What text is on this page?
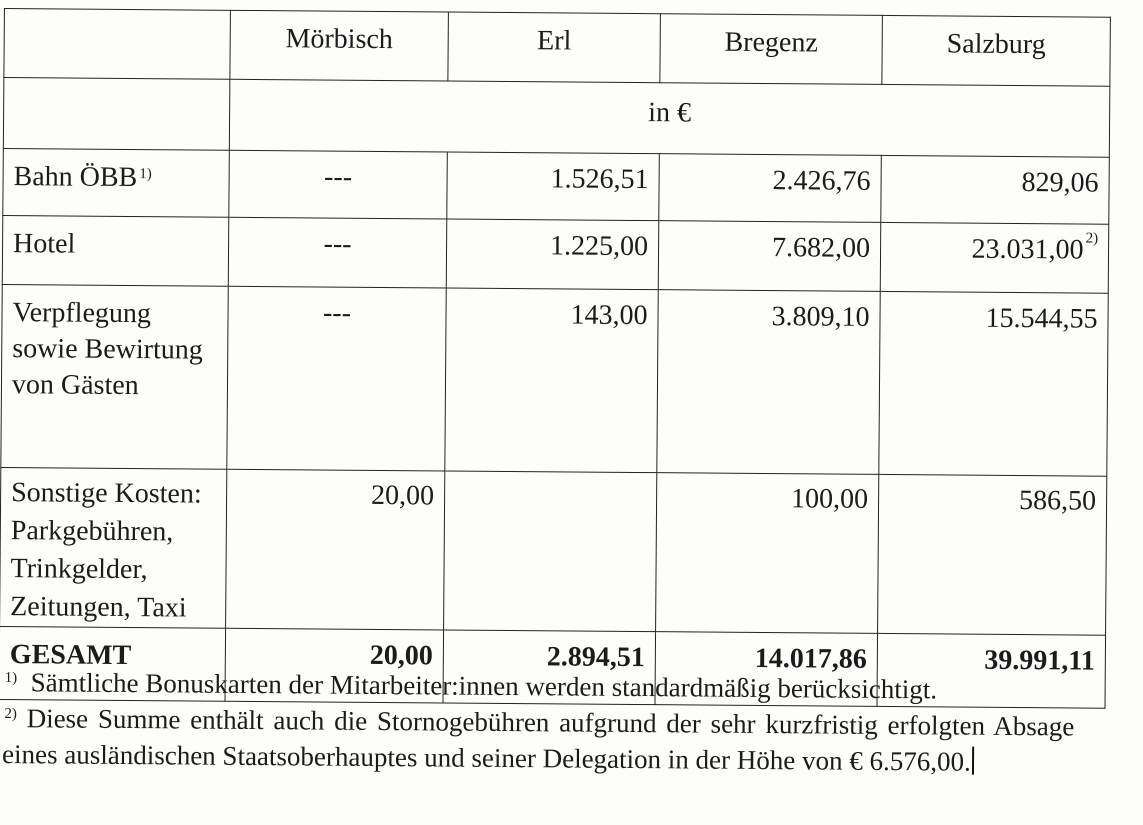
	Mörbisch	Erl	Bregenz	Salzburg
	in €			
Bahn ÖBB $^{1)}$	---	1.526,51	2.426,76	829,06
Hotel	---	1.225,00	7.682,00	23.031,00 $^{2)}$
Verpflegung sowie Bewirtung von Gästen	---	143,00	3.809,10	15.544,55

Sonstige Kosten:
Parkgebühren,
Trinkgelder,
Zeitungen, Taxi	20,00		100,00	586,50
GESAMT	20,00	2.894,51	14.017,86	39.991,11

$^{1)}$ Sämtliche Bonuskarten der Mitarbeiter:innen werden standardmäßig berücksichtigt.

$^{2)}$ Diese Summe enthält auch die Stornogebühren aufgrund der sehr kurzfristig erfolgten Absage eines ausländischen Staatsoberhauptes und seiner Delegation in der Höhe von € 6.576,00.
